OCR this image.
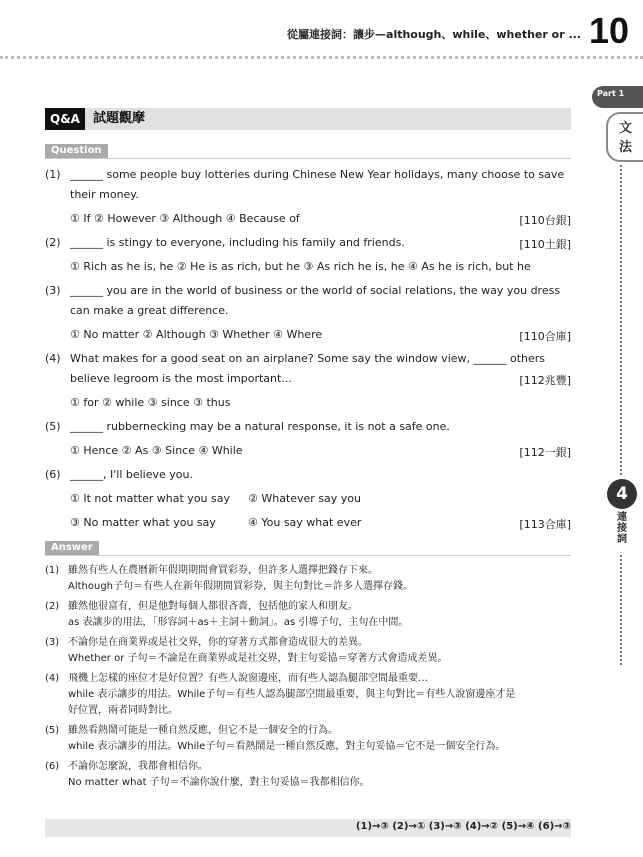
從屬連接詞：讓步—although、while、whether or ... 10
Part 1
文
法
4
連接詞
Q&A	試題觀摩
Question
(1) ______ some people buy lotteries during Chinese New Year holidays, many choose to save
their money.
① If ② However ③ Although ④ Because of	[110台銀]
(2) ______ is stingy to everyone, including his family and friends.	[110土銀]
① Rich as he is, he ② He is as rich, but he ③ As rich he is, he ④ As he is rich, but he
(3) ______ you are in the world of business or the world of social relations, the way you dress
can make a great difference.
① No matter ② Although ③ Whether ④ Where	[110合庫]
(4) What makes for a good seat on an airplane? Some say the window view, ______ others
believe legroom is the most important...	[112兆豐]
① for ② while ③ since ③ thus
(5) ______ rubbernecking may be a natural response, it is not a safe one.
① Hence ② As ③ Since ④ While	[112一銀]
(6) ______, I'll believe you.
① It not matter what you say ② Whatever say you
③ No matter what you say	④ You say what ever	[113合庫]
Answer
(1) 雖然有些人在農曆新年假期期間會買彩券，但許多人選擇把錢存下來。
Although子句＝有些人在新年假期間買彩券，與主句對比＝許多人選擇存錢。
(2) 雖然他很富有，但是他對每個人都很吝嗇，包括他的家人和朋友。
as 表讓步的用法，「形容詞＋as＋主詞＋動詞」。as 引導子句，主句在中間。
(3) 不論你是在商業界或是社交界，你的穿著方式都會造成很大的差異。
Whether or 子句＝不論是在商業界或是社交界，對主句妥協＝穿著方式會造成差異。
(4) 飛機上怎樣的座位才是好位置？有些人說窗邊座，而有些人認為腿部空間最重要…
while 表示讓步的用法。While子句＝有些人認為腿部空間最重要，與主句對比＝有些人說窗邊座才是
好位置，兩者同時對比。
(5) 雖然看熱鬧可能是一種自然反應，但它不是一個安全的行為。
while 表示讓步的用法。While子句＝看熱鬧是一種自然反應，對主句妥協＝它不是一個安全行為。
(6) 不論你怎麼說，我都會相信你。
No matter what 子句＝不論你說什麼，對主句妥協＝我都相信你。
(1)→③ (2)→① (3)→③ (4)→② (5)→④ (6)→③
